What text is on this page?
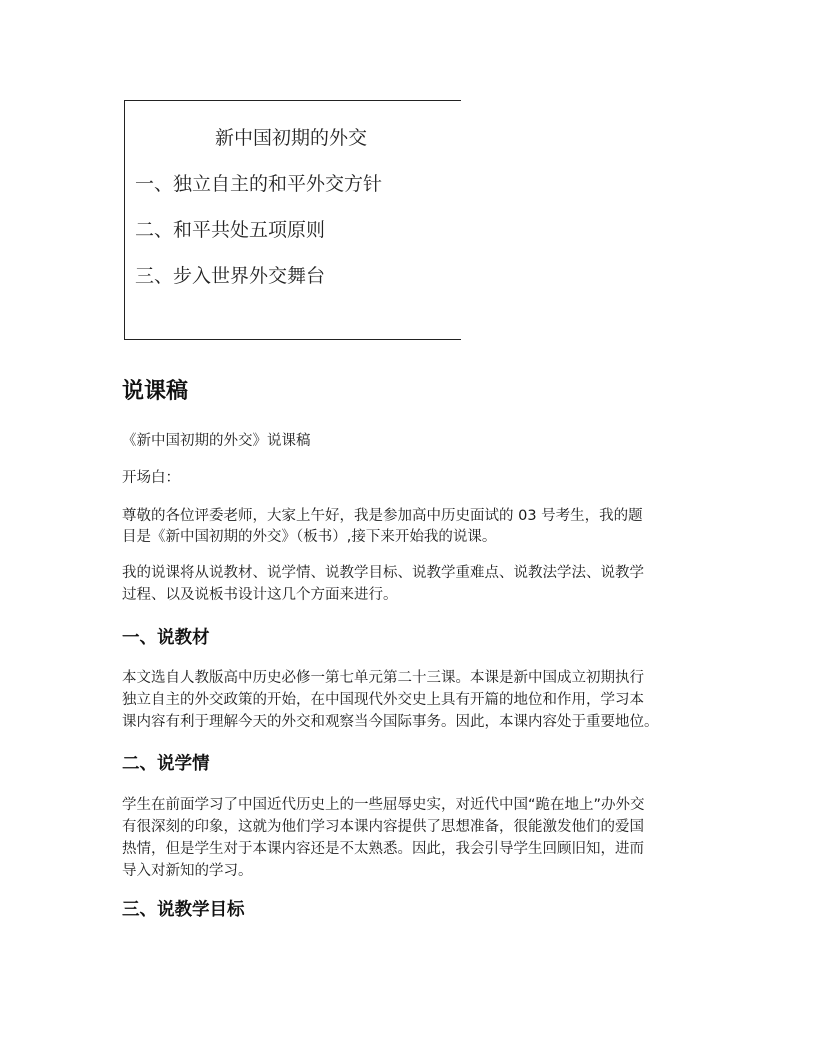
新中国初期的外交
一、独立自主的和平外交方针
二、和平共处五项原则
三、步入世界外交舞台
说课稿

《新中国初期的外交》说课稿

开场白：

尊敬的各位评委老师，大家上午好，我是参加高中历史面试的 03 号考生，我的题

目是《新中国初期的外交》（板书）,接下来开始我的说课。

我的说课将从说教材、说学情、说教学目标、说教学重难点、说教法学法、说教学

过程、以及说板书设计这几个方面来进行。

一、说教材

本文选自人教版高中历史必修一第七单元第二十三课。本课是新中国成立初期执行

独立自主的外交政策的开始，在中国现代外交史上具有开篇的地位和作用，学习本

课内容有利于理解今天的外交和观察当今国际事务。因此，本课内容处于重要地位。

二、说学情

学生在前面学习了中国近代历史上的一些屈辱史实，对近代中国“跪在地上”办外交

有很深刻的印象，这就为他们学习本课内容提供了思想准备，很能激发他们的爱国

热情，但是学生对于本课内容还是不太熟悉。因此，我会引导学生回顾旧知，进而

导入对新知的学习。

三、说教学目标
